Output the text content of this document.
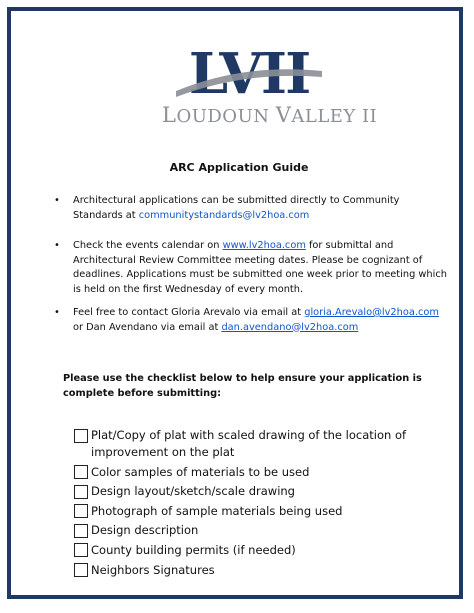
LVII
LOUDOUN VALLEY II
ARC Application Guide
• Architectural applications can be submitted directly to Community Standards at communitystandards@lv2hoa.com
• Check the events calendar on www.lv2hoa.com for submittal and Architectural Review Committee meeting dates. Please be cognizant of deadlines. Applications must be submitted one week prior to meeting which is held on the first Wednesday of every month.
• Feel free to contact Gloria Arevalo via email at gloria.Arevalo@lv2hoa.com or Dan Avendano via email at dan.avendano@lv2hoa.com
Please use the checklist below to help ensure your application is complete before submitting:
Plat/Copy of plat with scaled drawing of the location of improvement on the plat
Color samples of materials to be used
Design layout/sketch/scale drawing
Photograph of sample materials being used
Design description
County building permits (if needed)
Neighbors Signatures
